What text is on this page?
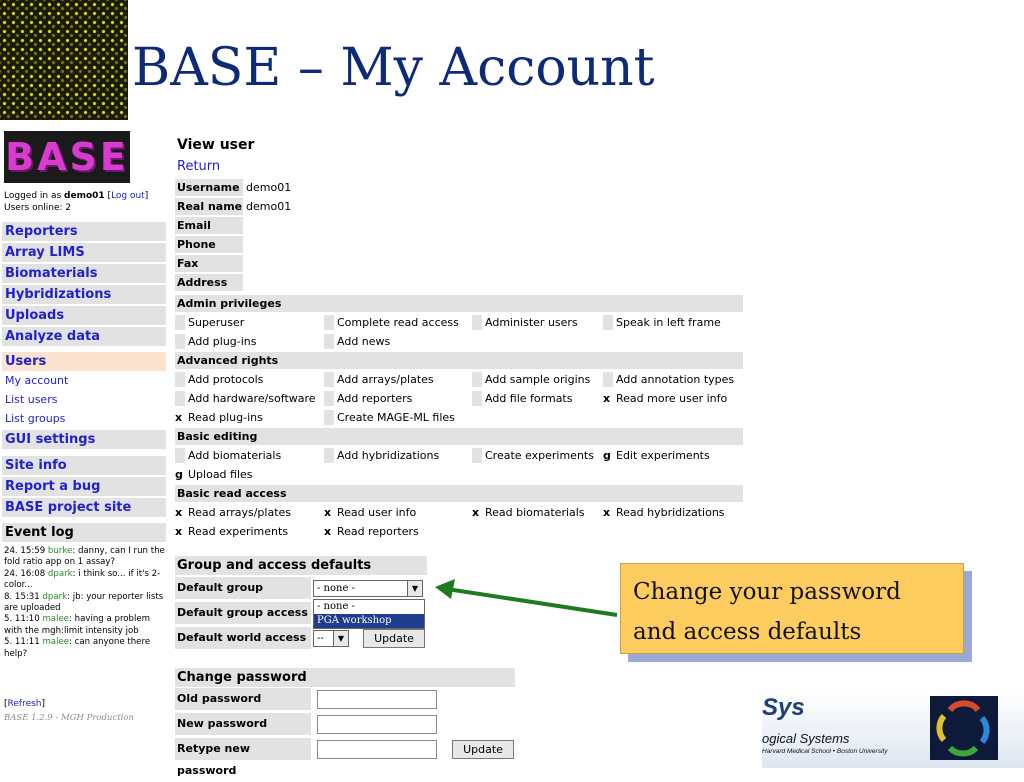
BASE – My Account
BASE
Logged in as demo01 [Log out]
Users online: 2
Reporters
Array LIMS
Biomaterials
Hybridizations
Uploads
Analyze data
Users
My account
List users
List groups
GUI settings
Site info
Report a bug
BASE project site
Event log
24. 15:59 burke: danny, can I run the fold ratio app on 1 assay?
24. 16:08 dpark: i think so... if it's 2-color...
8. 15:31 dpark: jb: your reporter lists are uploaded
5. 11:10 malee: having a problem with the mgh:limit intensity job
5. 11:11 malee: can anyone there help?
[Refresh]
BASE 1.2.9 - MGH Production
View user
Return
Username demo01
Real name demo01
Email
Phone
Fax
Address
Admin privileges
Superuser	Complete read access	Administer users	Speak in left frame
Add plug-ins	Add news
Advanced rights
Add protocols	Add arrays/plates	Add sample origins	Add annotation types
Add hardware/software	Add reporters	Add file formats	x Read more user info
x Read plug-ins	Create MAGE-ML files
Basic editing
Add biomaterials	Add hybridizations	Create experiments g Edit experiments
g Upload files
Basic read access
x Read arrays/plates	x Read user info	x Read biomaterials x Read hybridizations
x Read experiments	x Read reporters
Group and access defaults
Default group	- none -	▼
- none -
PGA workshop
Default group access
Default world access	--	▼	Update
Change password
Old password
New password
Retype new password
Update
Change your password and access defaults
Sys
ogical Systems
Harvard Medical School • Boston University
